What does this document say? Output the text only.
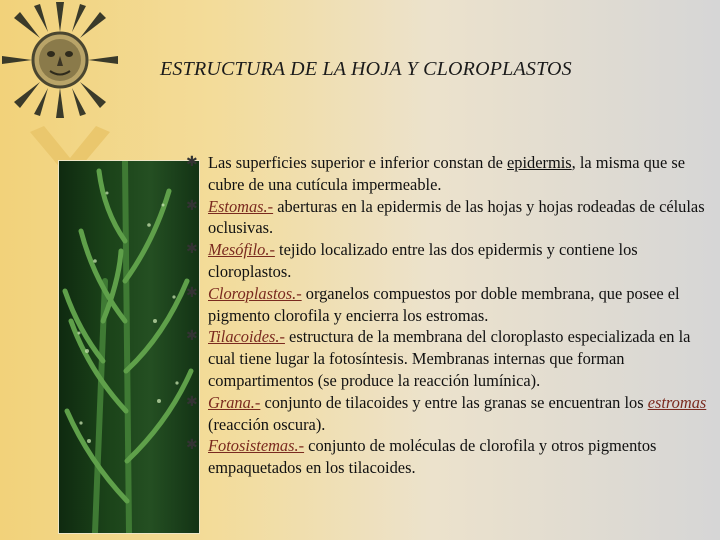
ESTRUCTURA DE LA HOJA Y CLOROPLASTOS
✱ Las superficies superior e inferior constan de epidermis, la misma que se cubre de una cutícula impermeable.
✱ Estomas.- aberturas en la epidermis de las hojas y hojas rodeadas de células oclusivas.
✱ Mesófilo.- tejido localizado entre las dos epidermis y contiene los cloroplastos.
✱ Cloroplastos.- organelos compuestos por doble membrana, que posee el pigmento clorofila y encierra los estromas.
✱ Tilacoides.- estructura de la membrana del cloroplasto especializada en la cual tiene lugar la fotosíntesis. Membranas internas que forman compartimentos (se produce la reacción lumínica).
✱ Grana.- conjunto de tilacoides y entre las granas se encuentran los estromas (reacción oscura).
✱ Fotosistemas.- conjunto de moléculas de clorofila y otros pigmentos empaquetados en los tilacoides.
